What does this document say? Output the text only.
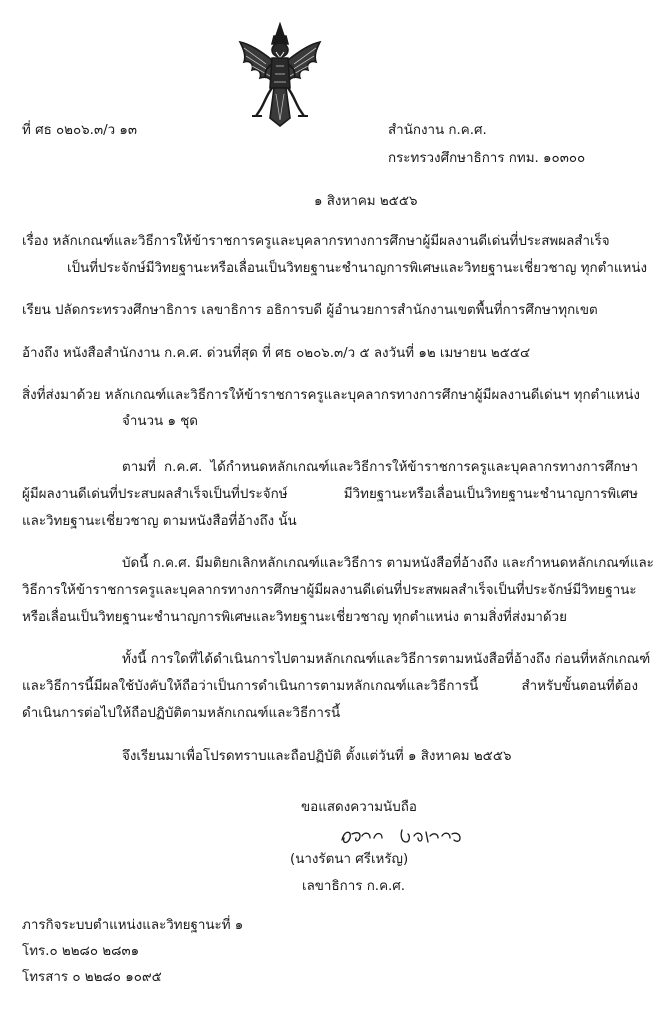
ที่ ศธ ๐๒๐๖.๓/ว ๑๓	สำนักงาน ก.ค.ศ.
กระทรวงศึกษาธิการ กทม. ๑๐๓๐๐
๑ สิงหาคม ๒๕๕๖
เรื่อง หลักเกณฑ์และวิธีการให้ข้าราชการครูและบุคลากรทางการศึกษาผู้มีผลงานดีเด่นที่ประสพผลสำเร็จ
เป็นที่ประจักษ์มีวิทยฐานะหรือเลื่อนเป็นวิทยฐานะชำนาญการพิเศษและวิทยฐานะเชี่ยวชาญ ทุกตำแหน่ง
เรียน ปลัดกระทรวงศึกษาธิการ เลขาธิการ อธิการบดี ผู้อำนวยการสำนักงานเขตพื้นที่การศึกษาทุกเขต
อ้างถึง หนังสือสำนักงาน ก.ค.ศ. ด่วนที่สุด ที่ ศธ ๐๒๐๖.๓/ว ๕ ลงวันที่ ๑๒ เมษายน ๒๕๕๔
สิ่งที่ส่งมาด้วย หลักเกณฑ์และวิธีการให้ข้าราชการครูและบุคลากรทางการศึกษาผู้มีผลงานดีเด่นฯ ทุกตำแหน่ง
จำนวน ๑ ชุด
ตามที่ ก.ค.ศ. ได้กำหนดหลักเกณฑ์และวิธีการให้ข้าราชการครูและบุคลากรทางการศึกษา
ผู้มีผลงานดีเด่นที่ประสบผลสำเร็จเป็นที่ประจักษ์ มีวิทยฐานะหรือเลื่อนเป็นวิทยฐานะชำนาญการพิเศษ
และวิทยฐานะเชี่ยวชาญ ตามหนังสือที่อ้างถึง นั้น
บัดนี้ ก.ค.ศ. มีมติยกเลิกหลักเกณฑ์และวิธีการ ตามหนังสือที่อ้างถึง และกำหนดหลักเกณฑ์และ
วิธีการให้ข้าราชการครูและบุคลากรทางการศึกษาผู้มีผลงานดีเด่นที่ประสพผลสำเร็จเป็นที่ประจักษ์มีวิทยฐานะ
หรือเลื่อนเป็นวิทยฐานะชำนาญการพิเศษและวิทยฐานะเชี่ยวชาญ ทุกตำแหน่ง ตามสิ่งที่ส่งมาด้วย
ทั้งนี้ การใดที่ได้ดำเนินการไปตามหลักเกณฑ์และวิธีการตามหนังสือที่อ้างถึง ก่อนที่หลักเกณฑ์
และวิธีการนี้มีผลใช้บังคับให้ถือว่าเป็นการดำเนินการตามหลักเกณฑ์และวิธีการนี้ สำหรับขั้นตอนที่ต้อง
ดำเนินการต่อไปให้ถือปฏิบัติตามหลักเกณฑ์และวิธีการนี้
จึงเรียนมาเพื่อโปรดทราบและถือปฏิบัติ ตั้งแต่วันที่ ๑ สิงหาคม ๒๕๕๖
ขอแสดงความนับถือ
(นางรัตนา ศรีเหรัญ)
เลขาธิการ ก.ค.ศ.
ภารกิจระบบตำแหน่งและวิทยฐานะที่ ๑
โทร.๐ ๒๒๘๐ ๒๘๓๑
โทรสาร ๐ ๒๒๘๐ ๑๐๙๕
